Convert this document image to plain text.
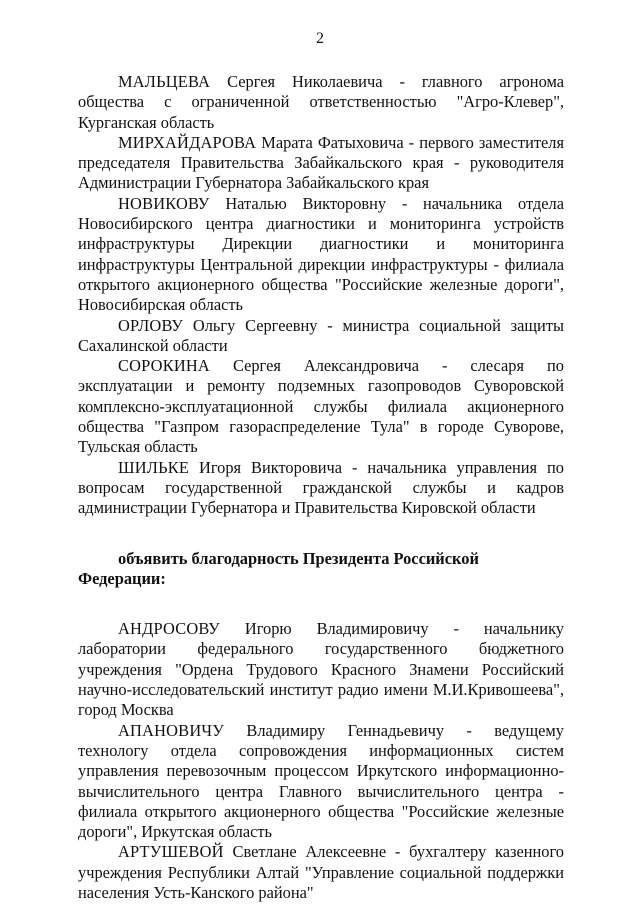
2

МАЛЬЦЕВА Сергея Николаевича - главного агронома общества с ограниченной ответственностью "Агро-Клевер", Курганская область

МИРХАЙДАРОВА Марата Фатыховича - первого заместителя председателя Правительства Забайкальского края - руководителя Администрации Губернатора Забайкальского края

НОВИКОВУ Наталью Викторовну - начальника отдела Новосибирского центра диагностики и мониторинга устройств инфраструктуры Дирекции диагностики и мониторинга инфраструктуры Центральной дирекции инфраструктуры - филиала открытого акционерного общества "Российские железные дороги", Новосибирская область

ОРЛОВУ Ольгу Сергеевну - министра социальной защиты Сахалинской области

СОРОКИНА Сергея Александровича - слесаря по эксплуатации и ремонту подземных газопроводов Суворовской комплексно-эксплуатационной службы филиала акционерного общества "Газпром газораспределение Тула" в городе Суворове, Тульская область

ШИЛЬКЕ Игоря Викторовича - начальника управления по вопросам государственной гражданской службы и кадров администрации Губернатора и Правительства Кировской области

объявить благодарность Президента Российской Федерации:

АНДРОСОВУ Игорю Владимировичу - начальнику лаборатории федерального государственного бюджетного учреждения "Ордена Трудового Красного Знамени Российский научно-исследовательский институт радио имени М.И.Кривошеева", город Москва

АПАНОВИЧУ Владимиру Геннадьевичу - ведущему технологу отдела сопровождения информационных систем управления перевозочным процессом Иркутского информационно-вычислительного центра Главного вычислительного центра - филиала открытого акционерного общества "Российские железные дороги", Иркутская область

АРТУШЕВОЙ Светлане Алексеевне - бухгалтеру казенного учреждения Республики Алтай "Управление социальной поддержки населения Усть-Канского района"
